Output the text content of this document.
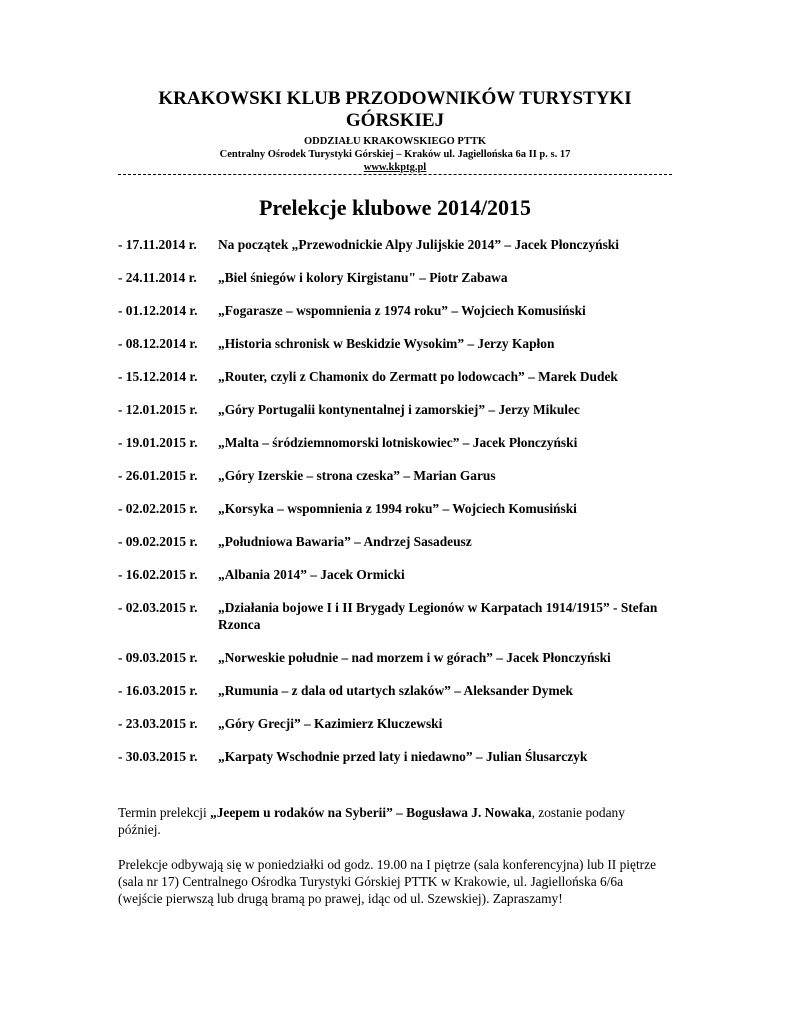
KRAKOWSKI KLUB PRZODOWNIKÓW TURYSTYKI GÓRSKIEJ
ODDZIAŁU KRAKOWSKIEGO PTTK
Centralny Ośrodek Turystyki Górskiej – Kraków ul. Jagiellońska 6a II p. s. 17
www.kkptg.pl
Prelekcje klubowe 2014/2015
- 17.11.2014 r.	Na początek „Przewodnickie Alpy Julijskie 2014” – Jacek Płonczyński
- 24.11.2014 r.	„Biel śniegów i kolory Kirgistanu" – Piotr Zabawa
- 01.12.2014 r.	„Fogarasze – wspomnienia z 1974 roku” – Wojciech Komusiński
- 08.12.2014 r.	„Historia schronisk w Beskidzie Wysokim” – Jerzy Kapłon
- 15.12.2014 r.	„Router, czyli z Chamonix do Zermatt po lodowcach” – Marek Dudek
- 12.01.2015 r.	„Góry Portugalii kontynentalnej i zamorskiej” – Jerzy Mikulec
- 19.01.2015 r.	„Malta – śródziemnomorski lotniskowiec” – Jacek Płonczyński
- 26.01.2015 r.	„Góry Izerskie – strona czeska” – Marian Garus
- 02.02.2015 r.	„Korsyka – wspomnienia z 1994 roku” – Wojciech Komusiński
- 09.02.2015 r.	„Południowa Bawaria” – Andrzej Sasadeusz
- 16.02.2015 r.	„Albania 2014” – Jacek Ormicki
- 02.03.2015 r.	„Działania bojowe I i II Brygady Legionów w Karpatach 1914/1915” - Stefan Rzonca
- 09.03.2015 r.	„Norweskie południe – nad morzem i w górach” – Jacek Płonczyński
- 16.03.2015 r.	„Rumunia – z dala od utartych szlaków” – Aleksander Dymek
- 23.03.2015 r.	„Góry Grecji” – Kazimierz Kluczewski
- 30.03.2015 r.	„Karpaty Wschodnie przed laty i niedawno” – Julian Ślusarczyk

Termin prelekcji „Jeepem u rodaków na Syberii” – Bogusława J. Nowaka, zostanie podany później.

Prelekcje odbywają się w poniedziałki od godz. 19.00 na I piętrze (sala konferencyjna) lub II piętrze (sala nr 17) Centralnego Ośrodka Turystyki Górskiej PTTK w Krakowie, ul. Jagiellońska 6/6a (wejście pierwszą lub drugą bramą po prawej, idąc od ul. Szewskiej). Zapraszamy!
